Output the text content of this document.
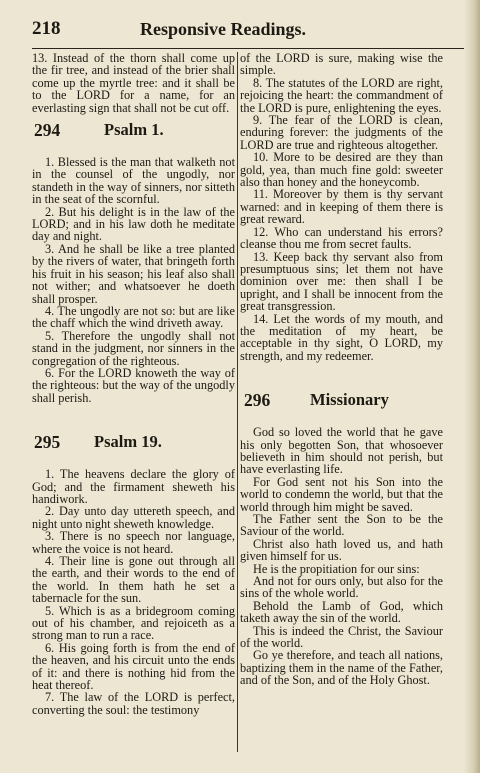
218	Responsive Readings.

13. Instead of the thorn shall come up the fir tree, and instead of the brier shall come up the myrtle tree: and it shall be to the LORD for a name, for an everlasting sign that shall not be cut off.

294	Psalm 1.

1. Blessed is the man that walketh not in the counsel of the ungodly, nor standeth in the way of sinners, nor sitteth in the seat of the scornful.

2. But his delight is in the law of the LORD; and in his law doth he meditate day and night.

3. And he shall be like a tree planted by the rivers of water, that bringeth forth his fruit in his season; his leaf also shall not wither; and whatsoever he doeth shall prosper.

4. The ungodly are not so: but are like the chaff which the wind driveth away.

5. Therefore the ungodly shall not stand in the judgment, nor sinners in the congregation of the righteous.

6. For the LORD knoweth the way of the righteous: but the way of the ungodly shall perish.

295 Psalm 19.

1. The heavens declare the glory of God; and the firmament sheweth his handiwork.

2. Day unto day uttereth speech, and night unto night sheweth knowledge.

3. There is no speech nor language, where the voice is not heard.

4. Their line is gone out through all the earth, and their words to the end of the world. In them hath he set a tabernacle for the sun.

5. Which is as a bridegroom coming out of his chamber, and rejoiceth as a strong man to run a race.

6. His going forth is from the end of the heaven, and his circuit unto the ends of it: and there is nothing hid from the heat thereof.

7. The law of the LORD is perfect, converting the soul: the testimony

of the LORD is sure, making wise the simple.

8. The statutes of the LORD are right, rejoicing the heart: the commandment of the LORD is pure, enlightening the eyes.

9. The fear of the LORD is clean, enduring forever: the judgments of the LORD are true and righteous altogether.

10. More to be desired are they than gold, yea, than much fine gold: sweeter also than honey and the honeycomb.

11. Moreover by them is thy servant warned: and in keeping of them there is great reward.

12. Who can understand his errors? cleanse thou me from secret faults.

13. Keep back thy servant also from presumptuous sins; let them not have dominion over me: then shall I be upright, and I shall be innocent from the great transgression.

14. Let the words of my mouth, and the meditation of my heart, be acceptable in thy sight, O LORD, my strength, and my redeemer.

296 Missionary

God so loved the world that he gave his only begotten Son, that whosoever believeth in him should not perish, but have everlasting life.

For God sent not his Son into the world to condemn the world, but that the world through him might be saved.

The Father sent the Son to be the Saviour of the world.

Christ also hath loved us, and hath given himself for us.

He is the propitiation for our sins:

And not for ours only, but also for the sins of the whole world.

Behold the Lamb of God, which taketh away the sin of the world.

This is indeed the Christ, the Saviour of the world.

Go ye therefore, and teach all nations, baptizing them in the name of the Father, and of the Son, and of the Holy Ghost.
